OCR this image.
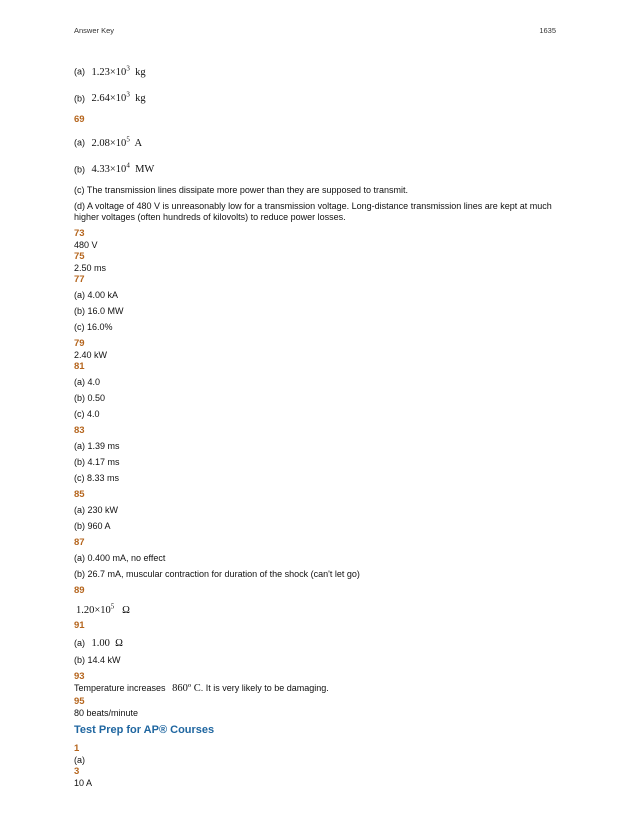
Answer Key	1635
(a) $1.23\times 10^3$ kg
(b) $2.64\times 10^3$ kg
69
(a) $2.08\times 10^5$ A
(b) $4.33\times 10^4$ MW
(c) The transmission lines dissipate more power than they are supposed to transmit.
(d) A voltage of 480 V is unreasonably low for a transmission voltage. Long-distance transmission lines are kept at much higher voltages (often hundreds of kilovolts) to reduce power losses.
73
480 V
75
2.50 ms
77
(a) 4.00 kA
(b) 16.0 MW
(c) 16.0%
79
2.40 kW
81
(a) 4.0
(b) 0.50
(c) 4.0
83
(a) 1.39 ms
(b) 4.17 ms
(c) 8.33 ms
85
(a) 230 kW
(b) 960 A
87
(a) 0.400 mA, no effect
(b) 26.7 mA, muscular contraction for duration of the shock (can't let go)
89
$1.20\times 10^5$ Ω
91
(a) 1.00 Ω
(b) 14.4 kW
93
Temperature increases 860º C. It is very likely to be damaging.
95
80 beats/minute
Test Prep for AP® Courses
1
(a)
3
10 A
